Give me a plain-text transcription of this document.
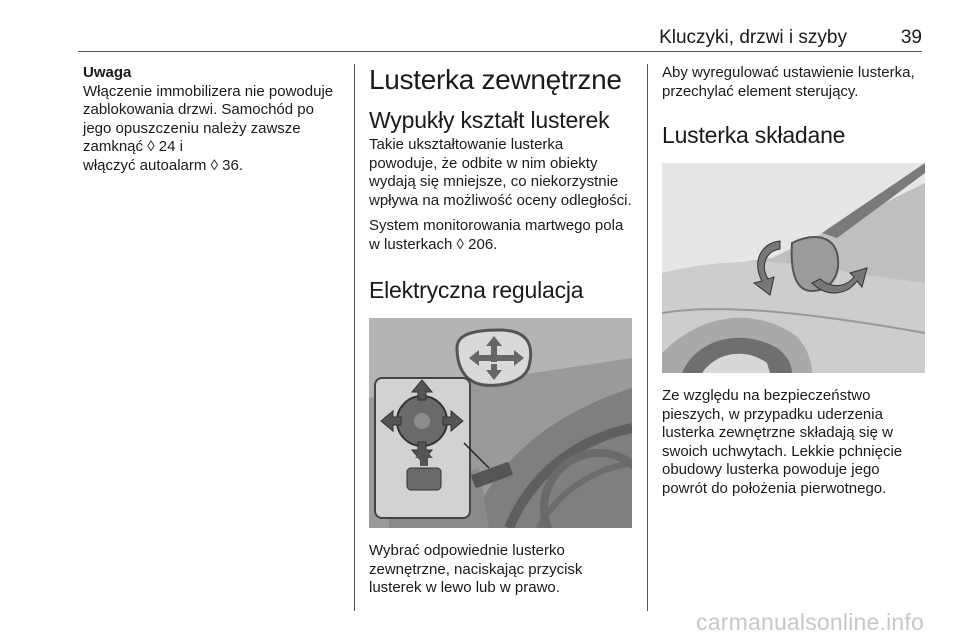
Kluczyki, drzwi i szyby	39

Uwaga

Włączenie immobilizera nie powoduje zablokowania drzwi. Samochód po jego opuszczeniu należy zawsze zamknąć ◊ 24 i
włączyć autoalarm ◊ 36.

Lusterka zewnętrzne
Wypukły kształt lusterek

Takie ukształtowanie lusterka powoduje, że odbite w nim obiekty wydają się mniejsze, co niekorzystnie wpływa na możliwość oceny odległości.

System monitorowania martwego pola w lusterkach ◊ 206.

Elektryczna regulacja

Wybrać odpowiednie lusterko zewnętrzne, naciskając przycisk lusterek w lewo lub w prawo.

Aby wyregulować ustawienie lusterka, przechylać element sterujący.

Lusterka składane

Ze względu na bezpieczeństwo pieszych, w przypadku uderzenia lusterka zewnętrzne składają się w swoich uchwytach. Lekkie pchnięcie obudowy lusterka powoduje jego powrót do położenia pierwotnego.

carmanualsonline.info
